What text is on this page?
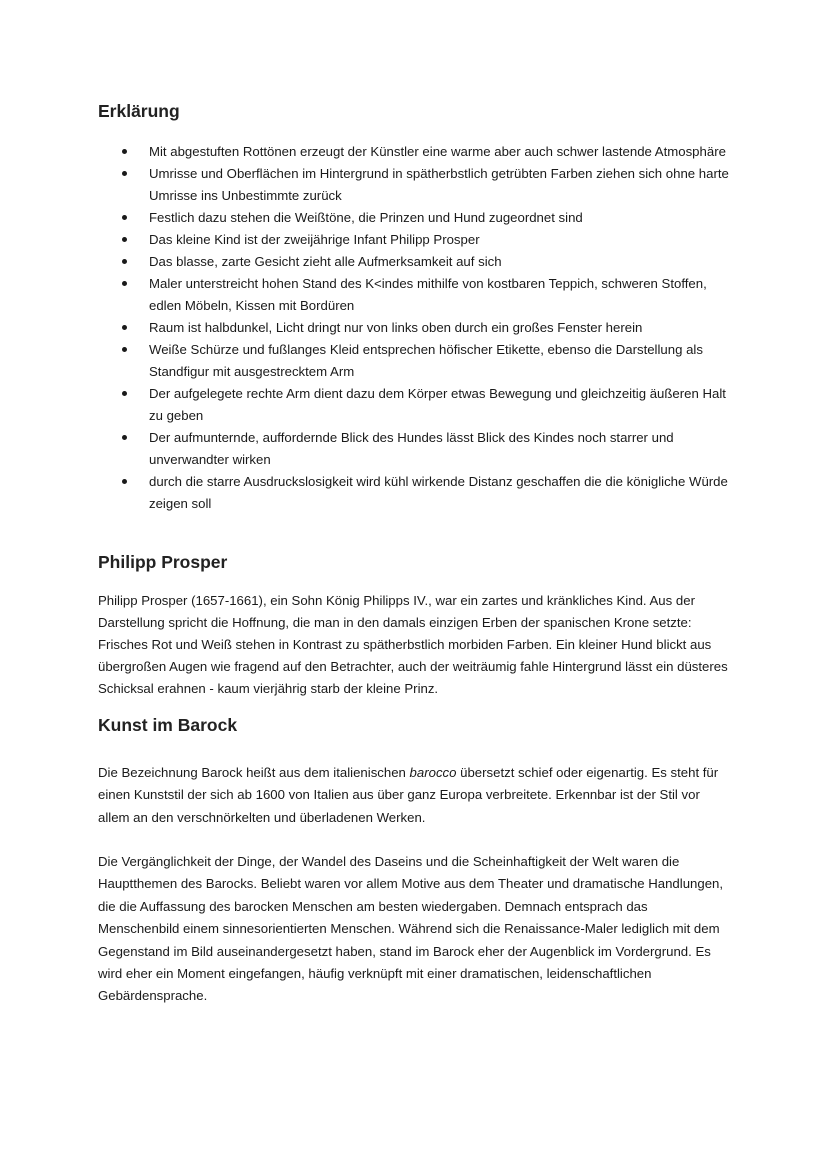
Erklärung
Mit abgestuften Rottönen erzeugt der Künstler eine warme aber auch schwer lastende Atmosphäre
Umrisse und Oberflächen im Hintergrund in spätherbstlich getrübten Farben ziehen sich ohne harte Umrisse ins Unbestimmte zurück
Festlich dazu stehen die Weißtöne, die Prinzen und Hund zugeordnet sind
Das kleine Kind ist der zweijährige Infant Philipp Prosper
Das blasse, zarte Gesicht zieht alle Aufmerksamkeit auf sich
Maler unterstreicht hohen Stand des K<indes mithilfe von kostbaren Teppich, schweren Stoffen, edlen Möbeln, Kissen mit Bordüren
Raum ist halbdunkel, Licht dringt nur von links oben durch ein großes Fenster herein
Weiße Schürze und fußlanges Kleid entsprechen höfischer Etikette, ebenso die Darstellung als Standfigur mit ausgestrecktem Arm
Der aufgelegete rechte Arm dient dazu dem Körper etwas Bewegung und gleichzeitig äußeren Halt zu geben
Der aufmunternde, auffordernde Blick des Hundes lässt Blick des Kindes noch starrer und unverwandter wirken
durch die starre Ausdruckslosigkeit wird kühl wirkende Distanz geschaffen die die königliche Würde zeigen soll
Philipp Prosper

Philipp Prosper (1657-1661), ein Sohn König Philipps IV., war ein zartes und kränkliches Kind. Aus der Darstellung spricht die Hoffnung, die man in den damals einzigen Erben der spanischen Krone setzte: Frisches Rot und Weiß stehen in Kontrast zu spätherbstlich morbiden Farben. Ein kleiner Hund blickt aus übergroßen Augen wie fragend auf den Betrachter, auch der weiträumig fahle Hintergrund lässt ein düsteres Schicksal erahnen - kaum vierjährig starb der kleine Prinz.

Kunst im Barock

Die Bezeichnung Barock heißt aus dem italienischen barocco übersetzt schief oder eigenartig. Es steht für einen Kunststil der sich ab 1600 von Italien aus über ganz Europa verbreitete. Erkennbar ist der Stil vor allem an den verschnörkelten und überladenen Werken.

Die Vergänglichkeit der Dinge, der Wandel des Daseins und die Scheinhaftigkeit der Welt waren die Hauptthemen des Barocks. Beliebt waren vor allem Motive aus dem Theater und dramatische Handlungen, die die Auffassung des barocken Menschen am besten wiedergaben. Demnach entsprach das Menschenbild einem sinnesorientierten Menschen. Während sich die Renaissance-Maler lediglich mit dem Gegenstand im Bild auseinandergesetzt haben, stand im Barock eher der Augenblick im Vordergrund. Es wird eher ein Moment eingefangen, häufig verknüpft mit einer dramatischen, leidenschaftlichen Gebärdensprache.
